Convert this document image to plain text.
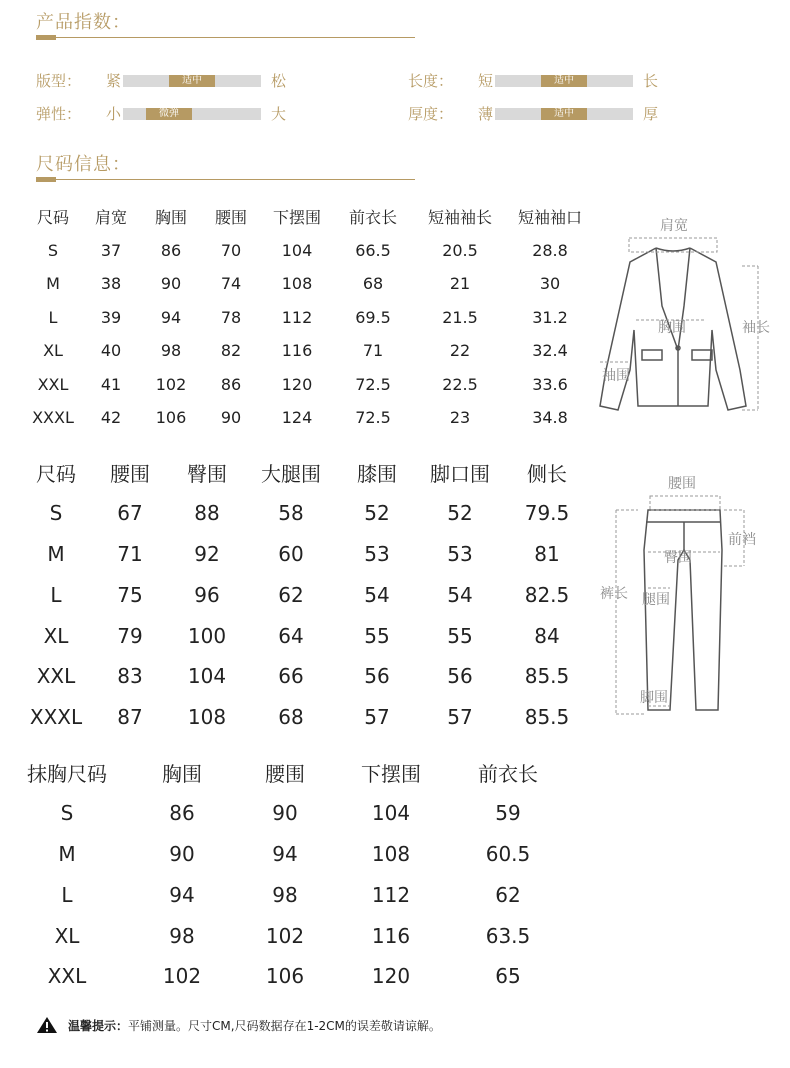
产品指数：
版型：	紧	适中	松	长度：	短	适中	长
弹性：	小	微弹	大	厚度：	薄	适中	厚
尺码信息：
尺码	肩宽	胸围	腰围	下摆围	前衣长	短袖袖长	短袖袖口
S	37	86	70	104	66.5	20.5	28.8
M	38	90	74	108	68	21	30
L	39	94	78	112	69.5	21.5	31.2
XL	40	98	82	116	71	22	32.4
XXL	41	102	86	120	72.5	22.5	33.6
XXXL	42	106	90	124	72.5	23	34.8
肩宽
胸围	袖长
袖围
尺码	腰围	臀围	大腿围	膝围	脚口围	侧长
S	67	88	58	52	52	79.5
M	71	92	60	53	53	81
L	75	96	62	54	54	82.5
XL	79	100	64	55	55	84
XXL	83	104	66	56	56	85.5
XXXL	87	108	68	57	57	85.5
腰围
前裆
臀围
裤长 腿围
脚围
抹胸尺码	胸围	腰围	下摆围	前衣长
S	86	90	104	59
M	90	94	108	60.5
L	94	98	112	62
XL	98	102	116	63.5
XXL	102	106	120	65
温馨提示： 平铺测量。尺寸CM,尺码数据存在1-2CM的误差敬请谅解。
